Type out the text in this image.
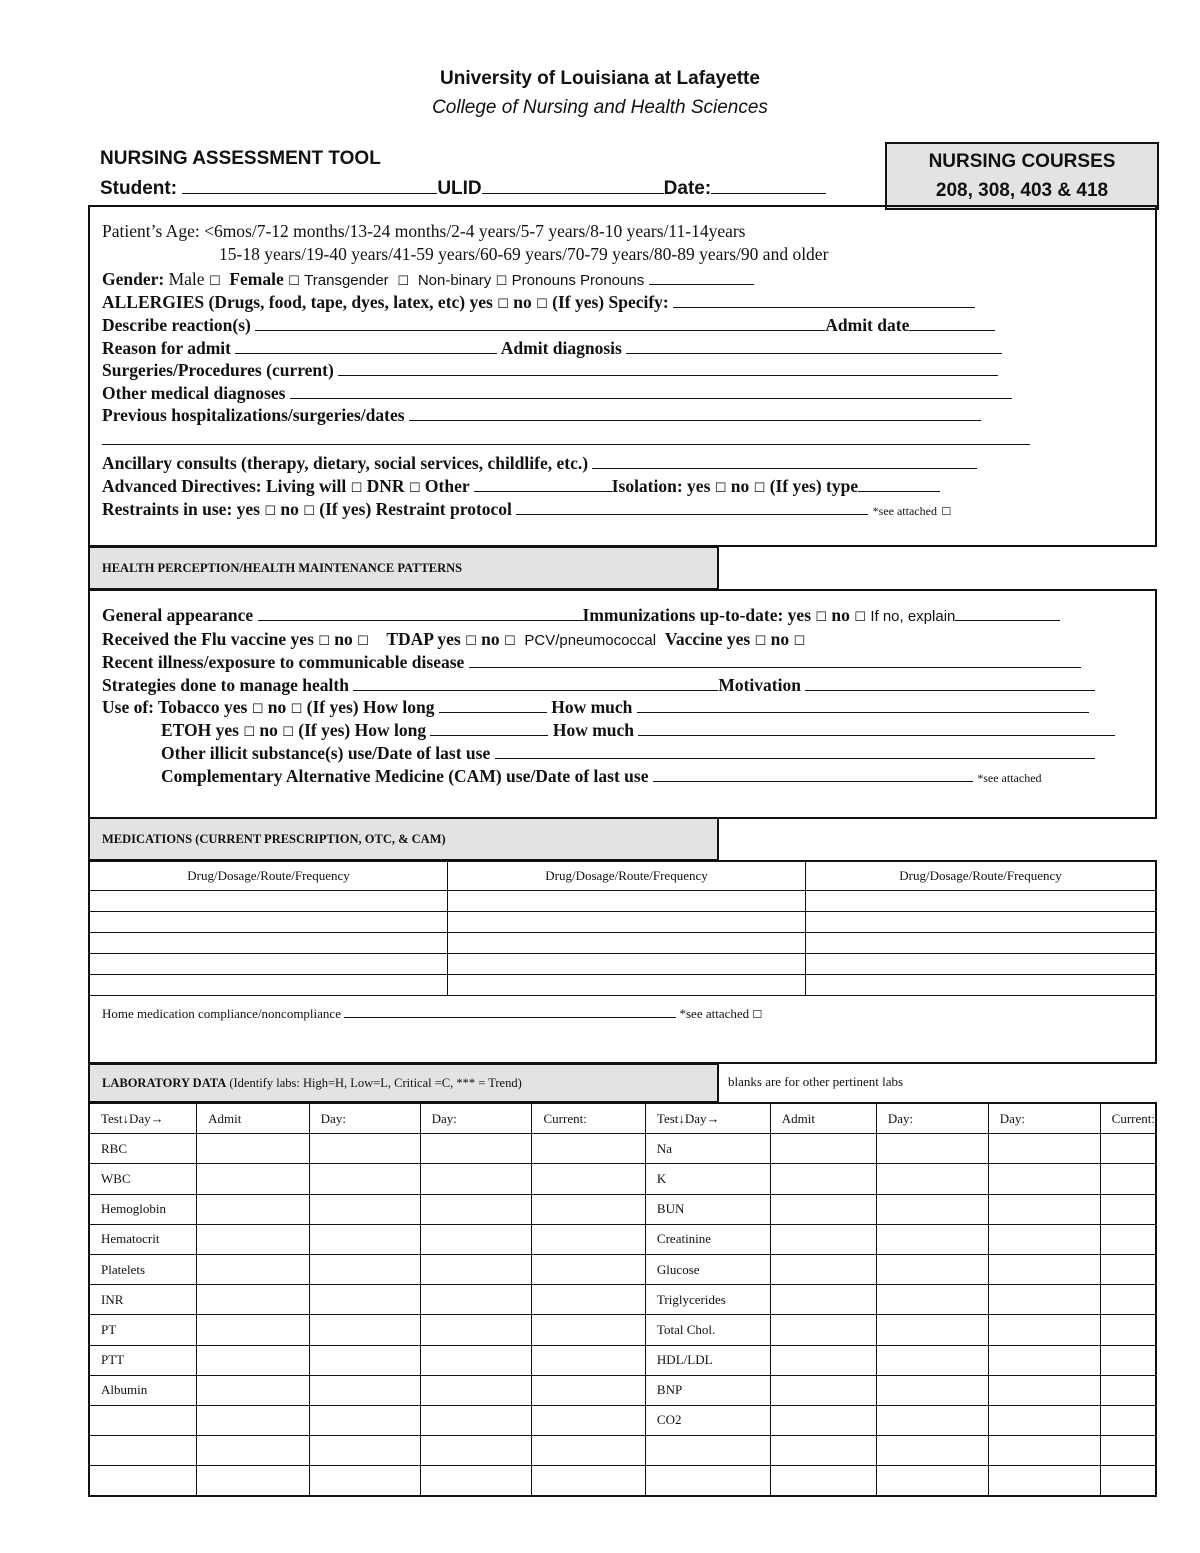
University of Louisiana at Lafayette
College of Nursing and Health Sciences
NURSING ASSESSMENT TOOL
Student:	ULID	Date:
NURSING COURSES
208, 308, 403 & 418
Patient’s Age: <6mos/7-12 months/13-24 months/2-4 years/5-7 years/8-10 years/11-14years
15-18 years/19-40 years/41-59 years/60-69 years/70-79 years/80-89 years/90 and older
Gender: Male ☐ Female ☐ Transgender ☐ Non-binary ☐ Pronouns Pronouns
ALLERGIES (Drugs, food, tape, dyes, latex, etc) yes ☐ no ☐ (If yes) Specify:
Describe reaction(s)	Admit date
Reason for admit	Admit diagnosis
Surgeries/Procedures (current)
Other medical diagnoses
Previous hospitalizations/surgeries/dates
Ancillary consults (therapy, dietary, social services, childlife, etc.)
Advanced Directives: Living will ☐ DNR ☐ Other	Isolation: yes ☐ no ☐ (If yes) type
Restraints in use: yes ☐ no ☐ (If yes) Restraint protocol	*see attached ☐
HEALTH PERCEPTION/HEALTH MAINTENANCE PATTERNS
General appearance	Immunizations up-to-date: yes ☐ no ☐ If no, explain
Received the Flu vaccine yes ☐ no ☐ TDAP yes ☐ no ☐ PCV/pneumococcal Vaccine yes ☐ no ☐
Recent illness/exposure to communicable disease
Strategies done to manage health	Motivation
Use of: Tobacco yes ☐ no ☐ (If yes) How long	How much
ETOH yes ☐ no ☐ (If yes) How long	How much
Other illicit substance(s) use/Date of last use
Complementary Alternative Medicine (CAM) use/Date of last use	*see attached
MEDICATIONS (CURRENT PRESCRIPTION, OTC, & CAM)
Drug/Dosage/Route/Frequency	Drug/Dosage/Route/Frequency	Drug/Dosage/Route/Frequency

Home medication compliance/noncompliance	*see attached ☐
LABORATORY DATA
(Identify labs: High=H, Low=L, Critical =C, *** = Trend)	blanks are for other pertinent labs
Test↓Day→	Admit	Day:	Day:	Current:	Test↓Day→	Admit	Day:	Day:	Current:
RBC					Na				
WBC					K				
Hemoglobin					BUN				
Hematocrit					Creatinine				
Platelets					Glucose				
INR					Triglycerides				
PT					Total Chol.				
PTT					HDL/LDL				
Albumin					BNP				
					CO2				
